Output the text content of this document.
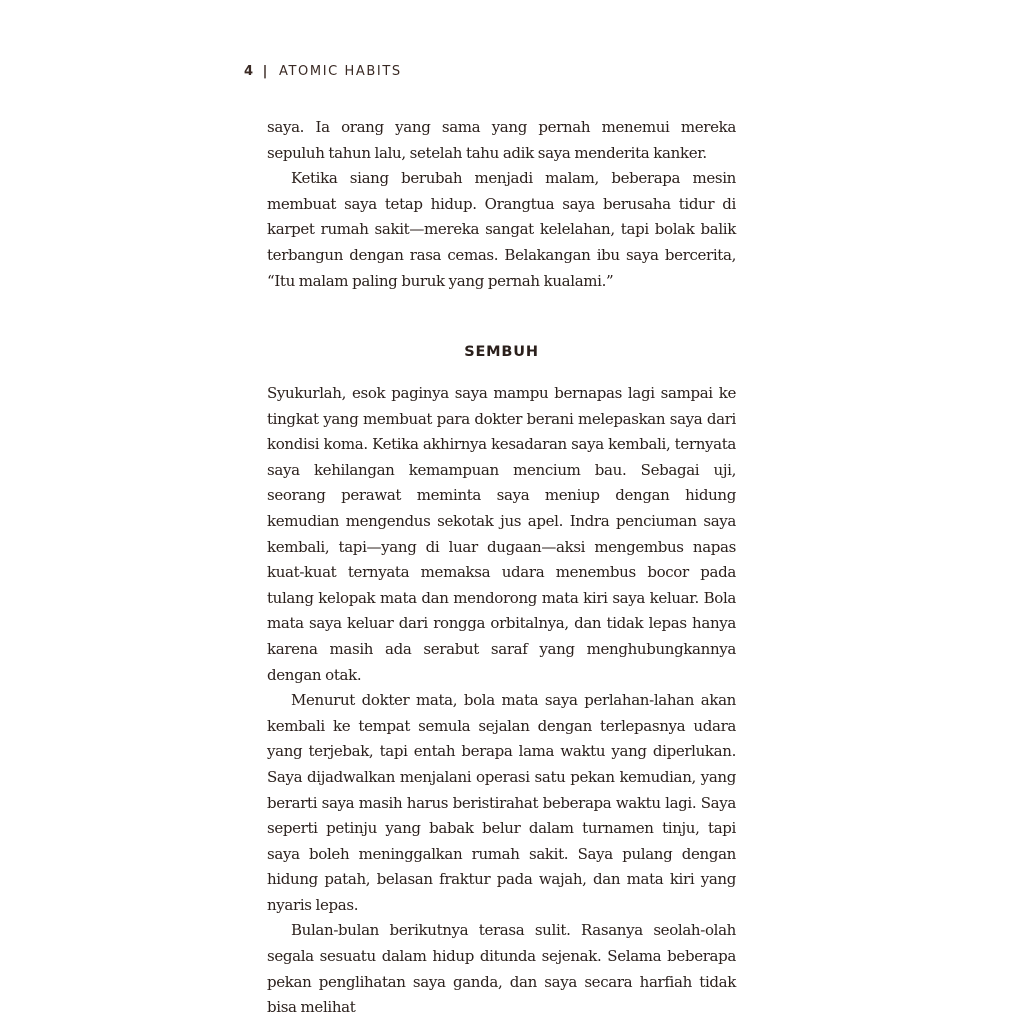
4 | ATOMIC HABITS

saya. Ia orang yang sama yang pernah menemui mereka sepuluh tahun lalu, setelah tahu adik saya menderita kanker.

Ketika siang berubah menjadi malam, beberapa mesin membuat saya tetap hidup. Orangtua saya berusaha tidur di karpet rumah sakit—mereka sangat kelelahan, tapi bolak balik terbangun dengan rasa cemas. Belakangan ibu saya bercerita, “Itu malam paling buruk yang pernah kualami.”

SEMBUH

Syukurlah, esok paginya saya mampu bernapas lagi sampai ke tingkat yang membuat para dokter berani melepaskan saya dari kondisi koma. Ketika akhirnya kesadaran saya kembali, ternyata saya kehilangan kemampuan mencium bau. Sebagai uji, seorang perawat meminta saya meniup dengan hidung kemudian mengendus sekotak jus apel. Indra penciuman saya kembali, tapi—yang di luar dugaan—aksi mengembus napas kuat-kuat ternyata memaksa udara menembus bocor pada tulang kelopak mata dan mendorong mata kiri saya keluar. Bola mata saya keluar dari rongga orbitalnya, dan tidak lepas hanya karena masih ada serabut saraf yang menghubungkannya dengan otak.

Menurut dokter mata, bola mata saya perlahan-lahan akan kembali ke tempat semula sejalan dengan terlepasnya udara yang terjebak, tapi entah berapa lama waktu yang diperlukan. Saya dijadwalkan menjalani operasi satu pekan kemudian, yang berarti saya masih harus beristirahat beberapa waktu lagi. Saya seperti petinju yang babak belur dalam turnamen tinju, tapi saya boleh meninggalkan rumah sakit. Saya pulang dengan hidung patah, belasan fraktur pada wajah, dan mata kiri yang nyaris lepas.

Bulan-bulan berikutnya terasa sulit. Rasanya seolah-olah segala sesuatu dalam hidup ditunda sejenak. Selama beberapa pekan penglihatan saya ganda, dan saya secara harfiah tidak bisa melihat
